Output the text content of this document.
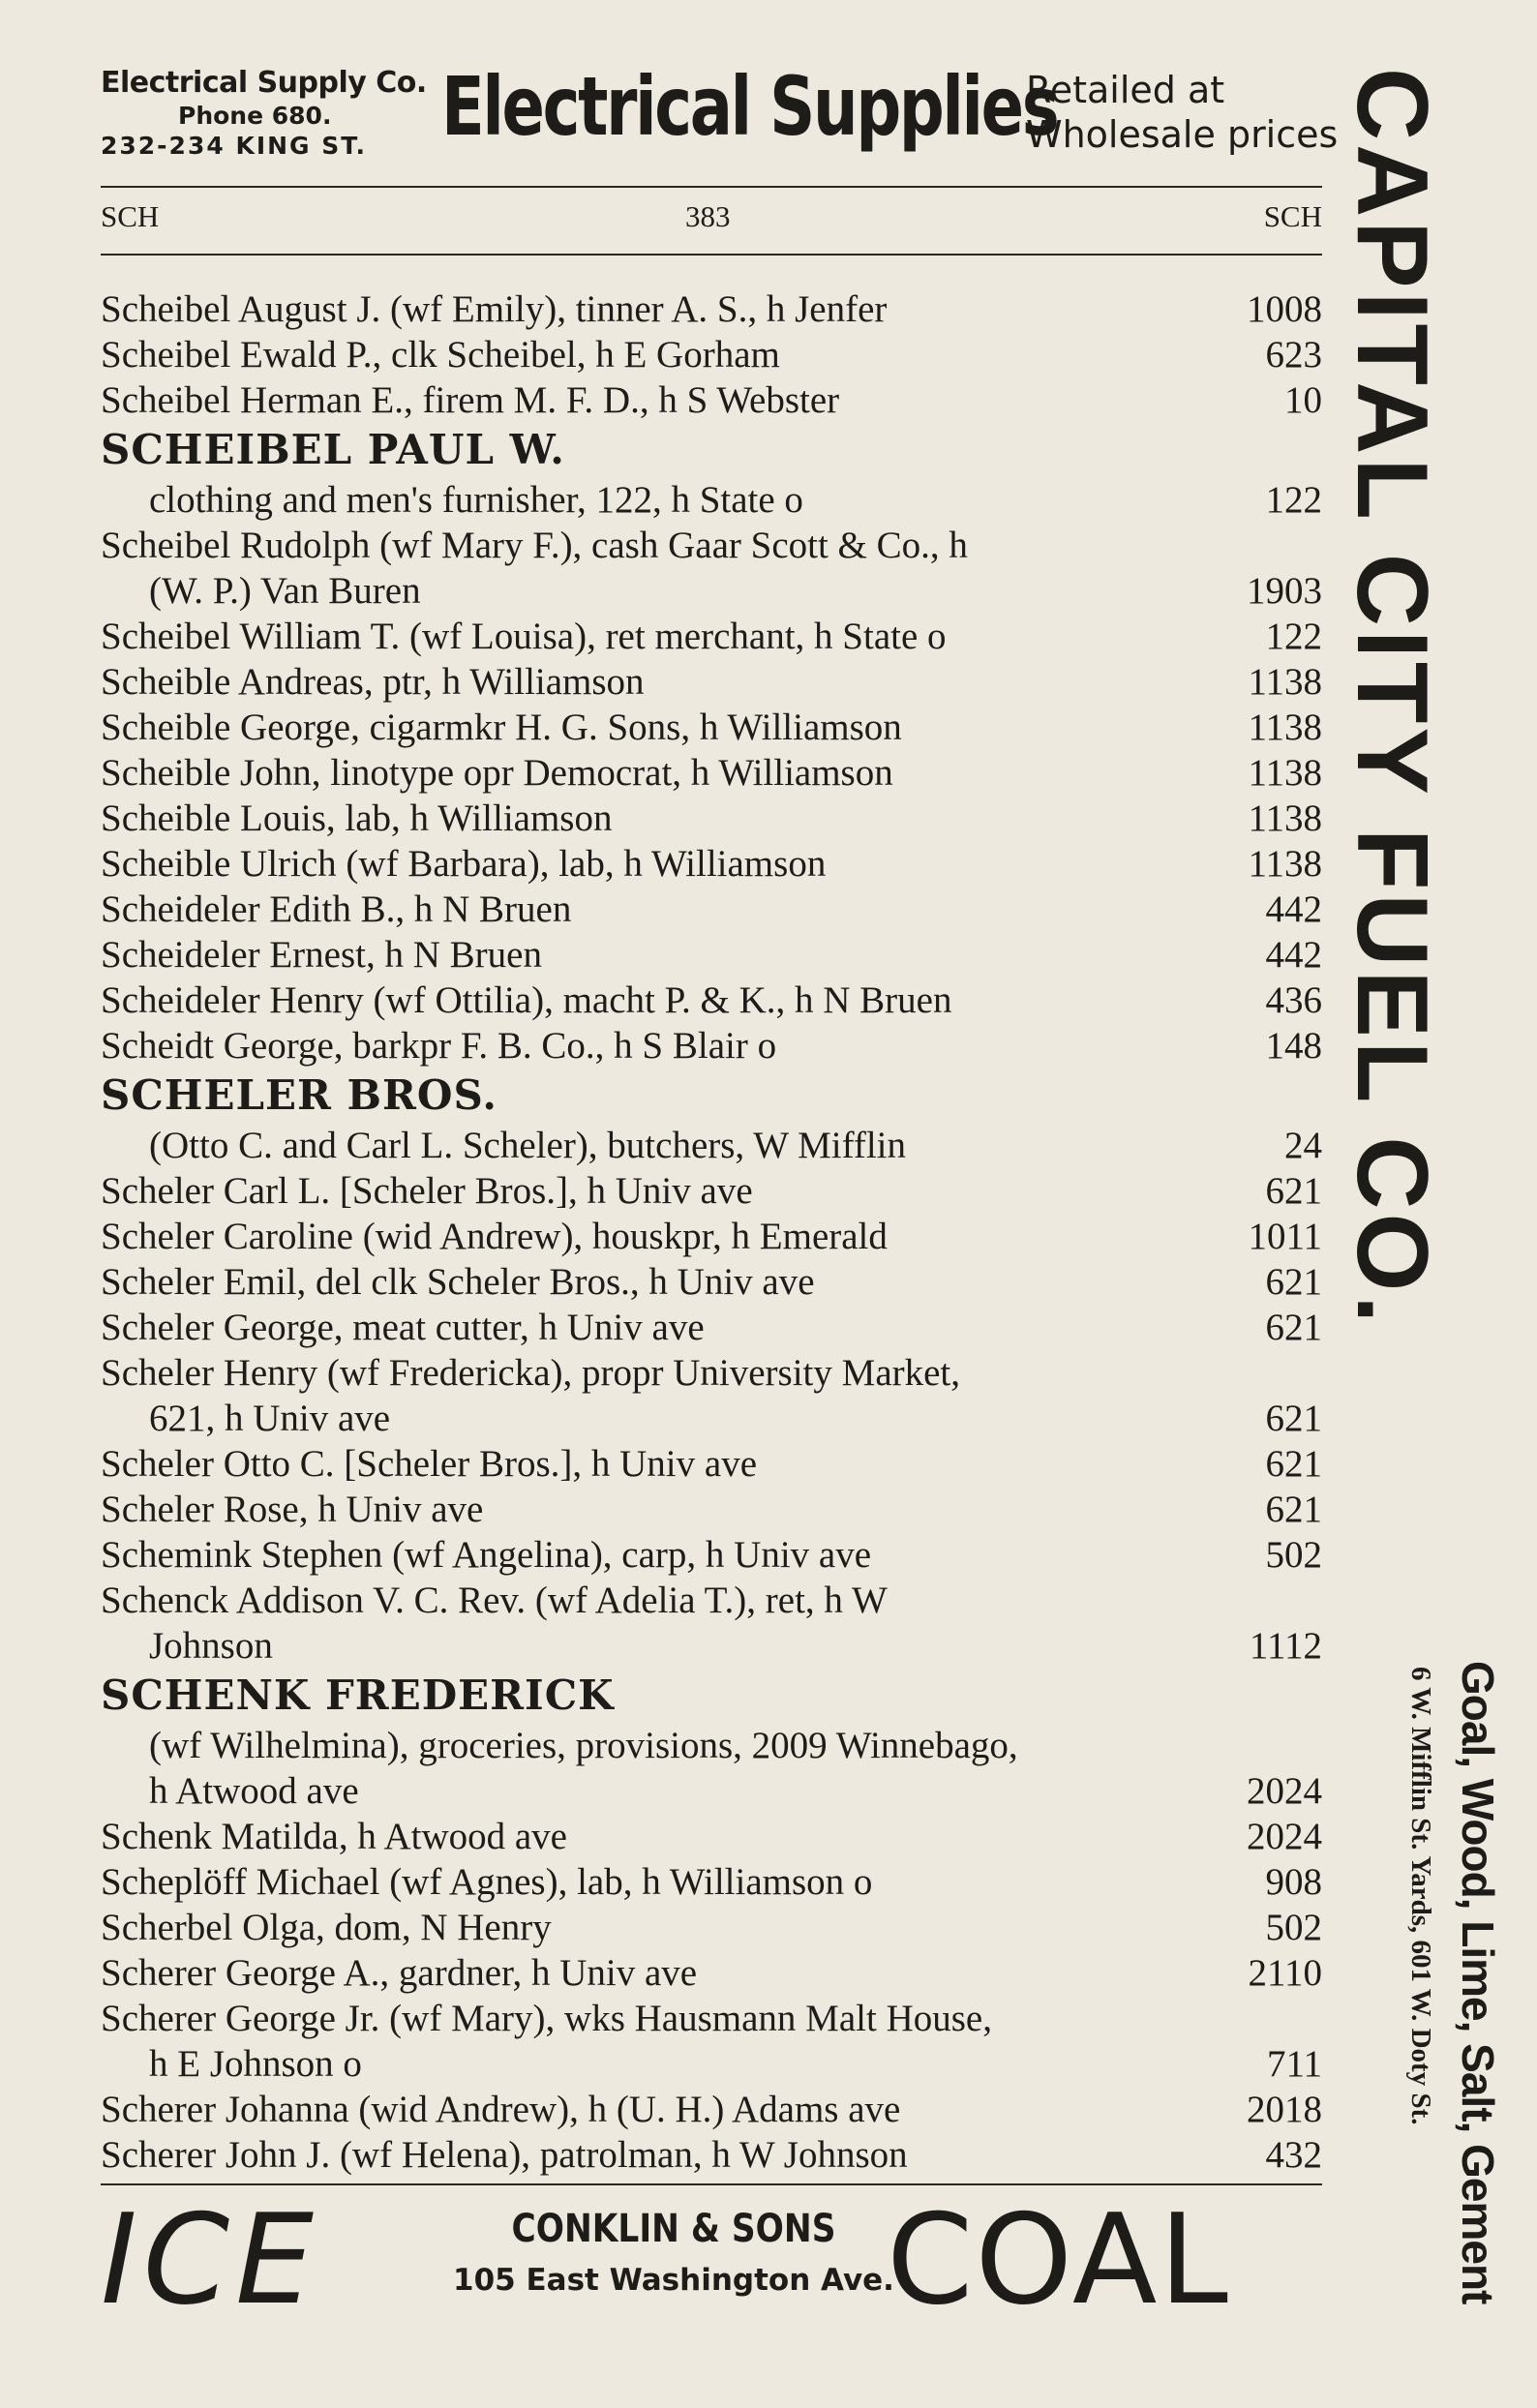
Electrical Supply Co.
Phone 680.
232-234 KING ST. Electrical Supplies
Retailed at
Wholesale prices
SCH	383	SCH
Scheibel August J. (wf Emily), tinner A. S., h Jenfer	1008
Scheibel Ewald P., clk Scheibel, h E Gorham	623
Scheibel Herman E., firem M. F. D., h S Webster	10
SCHEIBEL PAUL W.
clothing and men's furnisher, 122, h State o	122
Scheibel Rudolph (wf Mary F.), cash Gaar Scott & Co., h
(W. P.) Van Buren	1903
Scheibel William T. (wf Louisa), ret merchant, h State o	122
Scheible Andreas, ptr, h Williamson	1138
Scheible George, cigarmkr H. G. Sons, h Williamson	1138
Scheible John, linotype opr Democrat, h Williamson	1138
Scheible Louis, lab, h Williamson	1138
Scheible Ulrich (wf Barbara), lab, h Williamson	1138
Scheideler Edith B., h N Bruen	442
Scheideler Ernest, h N Bruen	442
Scheideler Henry (wf Ottilia), macht P. & K., h N Bruen	436
Scheidt George, barkpr F. B. Co., h S Blair o	148
SCHELER BROS.
(Otto C. and Carl L. Scheler), butchers, W Mifflin	24
Scheler Carl L. [Scheler Bros.], h Univ ave	621
Scheler Caroline (wid Andrew), houskpr, h Emerald	1011
Scheler Emil, del clk Scheler Bros., h Univ ave	621
Scheler George, meat cutter, h Univ ave	621
Scheler Henry (wf Fredericka), propr University Market,
621, h Univ ave	621
Scheler Otto C. [Scheler Bros.], h Univ ave	621
Scheler Rose, h Univ ave	621
Schemink Stephen (wf Angelina), carp, h Univ ave	502
Schenck Addison V. C. Rev. (wf Adelia T.), ret, h W
Johnson	1112
SCHENK FREDERICK
(wf Wilhelmina), groceries, provisions, 2009 Winnebago,
h Atwood ave	2024
Schenk Matilda, h Atwood ave	2024
Scheplöff Michael (wf Agnes), lab, h Williamson o	908
Scherbel Olga, dom, N Henry	502
Scherer George A., gardner, h Univ ave	2110
Scherer George Jr. (wf Mary), wks Hausmann Malt House,
h E Johnson o	711
Scherer Johanna (wid Andrew), h (U. H.) Adams ave	2018
Scherer John J. (wf Helena), patrolman, h W Johnson	432
ICE	CONKLIN & SONS
105 East Washington Ave.
COAL
CAPITAL CITY FUEL CO.
Goal, Wood, Lime, Salt, Gement
6 W. Mifflin St. Yards, 601 W. Doty St.
